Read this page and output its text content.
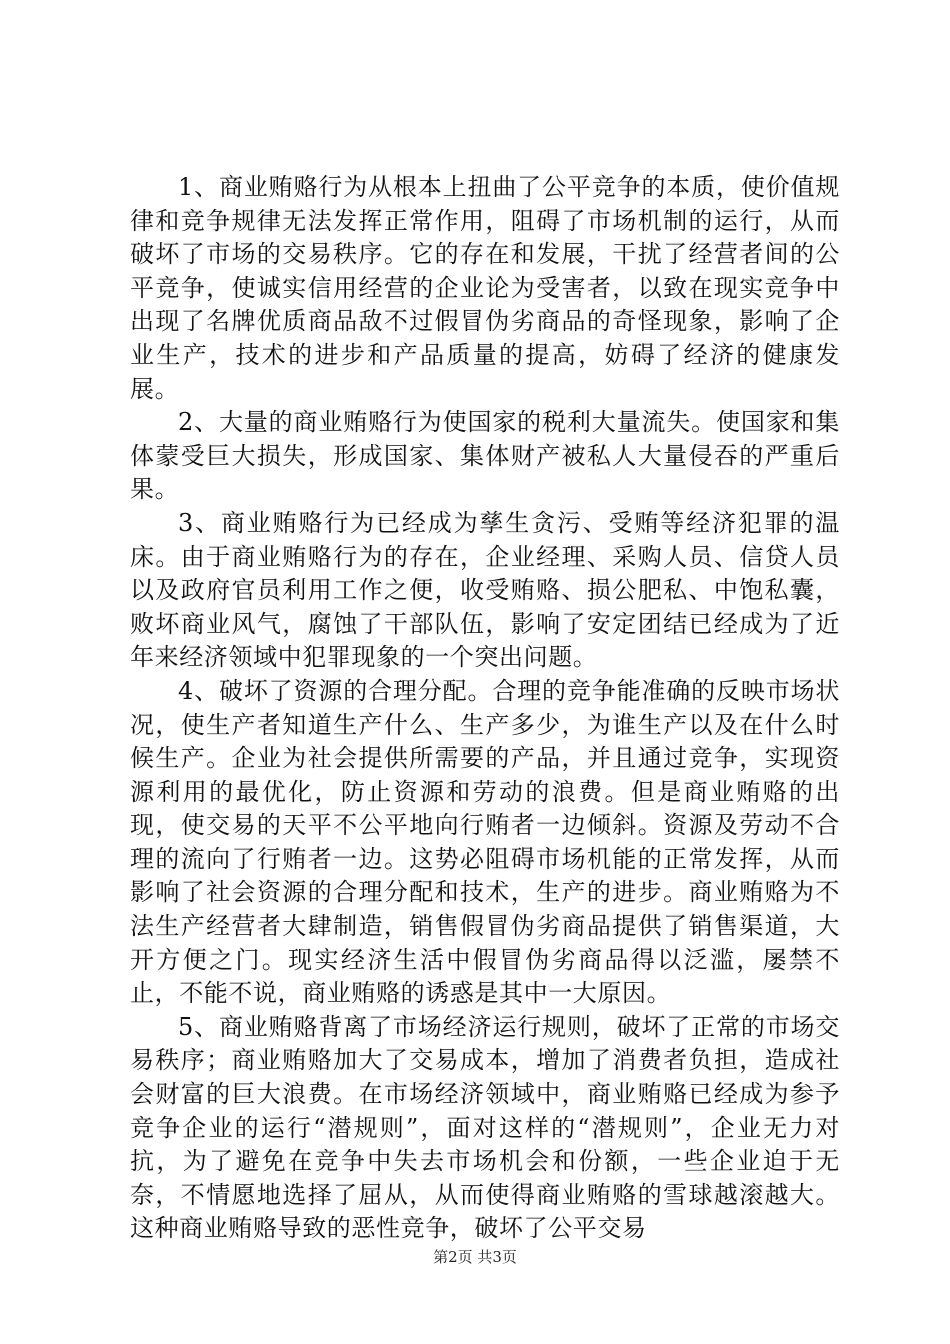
1、商业贿赂行为从根本上扭曲了公平竞争的本质，使价值规律和竞争规律无法发挥正常作用，阻碍了市场机制的运行，从而破坏了市场的交易秩序。它的存在和发展，干扰了经营者间的公平竞争，使诚实信用经营的企业论为受害者，以致在现实竞争中出现了名牌优质商品敌不过假冒伪劣商品的奇怪现象，影响了企业生产，技术的进步和产品质量的提高，妨碍了经济的健康发展。

2、大量的商业贿赂行为使国家的税利大量流失。使国家和集体蒙受巨大损失，形成国家、集体财产被私人大量侵吞的严重后果。

3、商业贿赂行为已经成为孳生贪污、受贿等经济犯罪的温床。由于商业贿赂行为的存在，企业经理、采购人员、信贷人员以及政府官员利用工作之便，收受贿赂、损公肥私、中饱私囊，败坏商业风气，腐蚀了干部队伍，影响了安定团结已经成为了近年来经济领域中犯罪现象的一个突出问题。

4、破坏了资源的合理分配。合理的竞争能准确的反映市场状况，使生产者知道生产什么、生产多少，为谁生产以及在什么时候生产。企业为社会提供所需要的产品，并且通过竞争，实现资源利用的最优化，防止资源和劳动的浪费。但是商业贿赂的出现，使交易的天平不公平地向行贿者一边倾斜。资源及劳动不合理的流向了行贿者一边。这势必阻碍市场机能的正常发挥，从而影响了社会资源的合理分配和技术，生产的进步。商业贿赂为不法生产经营者大肆制造，销售假冒伪劣商品提供了销售渠道，大开方便之门。现实经济生活中假冒伪劣商品得以泛滥，屡禁不止，不能不说，商业贿赂的诱惑是其中一大原因。

5、商业贿赂背离了市场经济运行规则，破坏了正常的市场交易秩序；商业贿赂加大了交易成本，增加了消费者负担，造成社会财富的巨大浪费。在市场经济领域中，商业贿赂已经成为参予竞争企业的运行“潜规则”，面对这样的“潜规则”，企业无力对抗，为了避免在竞争中失去市场机会和份额，一些企业迫于无奈，不情愿地选择了屈从，从而使得商业贿赂的雪球越滚越大。这种商业贿赂导致的恶性竞争，破坏了公平交易

第2页 共3页
